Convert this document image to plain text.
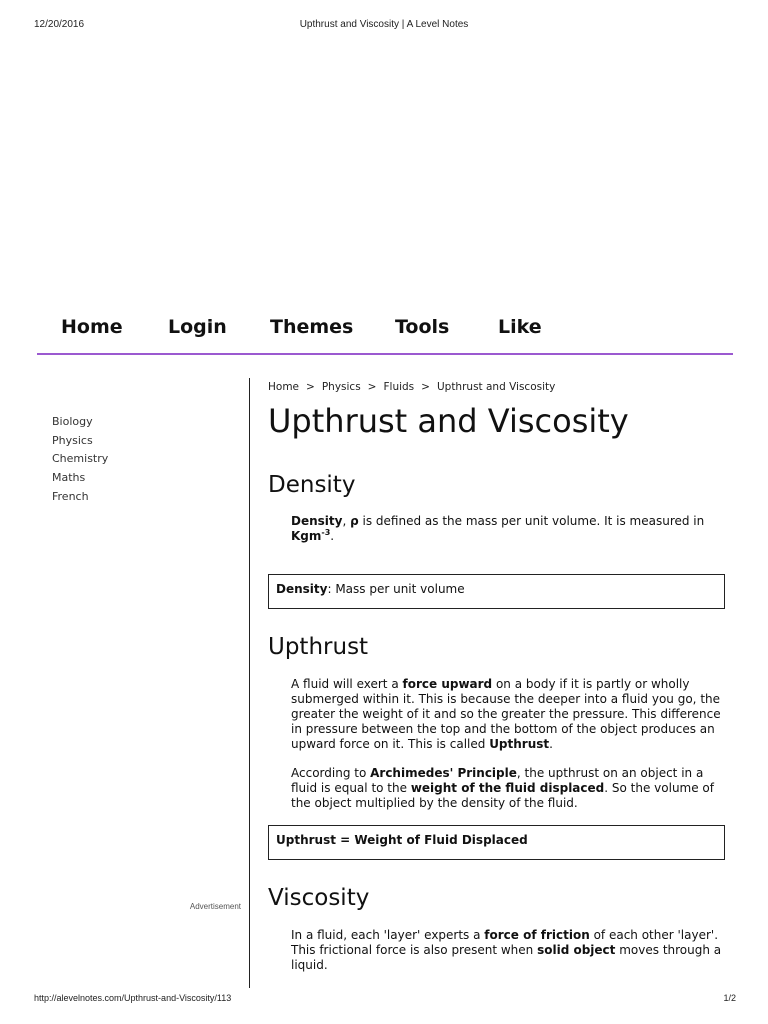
12/20/2016	Upthrust and Viscosity | A Level Notes
Home Login Themes Tools	Like
Biology
Physics
Chemistry
Maths
French
Advertisement
Home > Physics > Fluids > Upthrust and Viscosity
Upthrust and Viscosity
Density

Density, ρ is defined as the mass per unit volume. It is measured in Kgm$^{-3}$.

Density: Mass per unit volume
Upthrust

A fluid will exert a force upward on a body if it is partly or wholly submerged within it. This is because the deeper into a fluid you go, the greater the weight of it and so the greater the pressure. This difference in pressure between the top and the bottom of the object produces an upward force on it. This is called Upthrust.

According to Archimedes' Principle, the upthrust on an object in a fluid is equal to the weight of the fluid displaced. So the volume of the object multiplied by the density of the fluid.

Upthrust = Weight of Fluid Displaced
Viscosity

In a fluid, each 'layer' experts a force of friction of each other 'layer'. This frictional force is also present when solid object moves through a liquid.

http://alevelnotes.com/Upthrust-and-Viscosity/113	1/2
